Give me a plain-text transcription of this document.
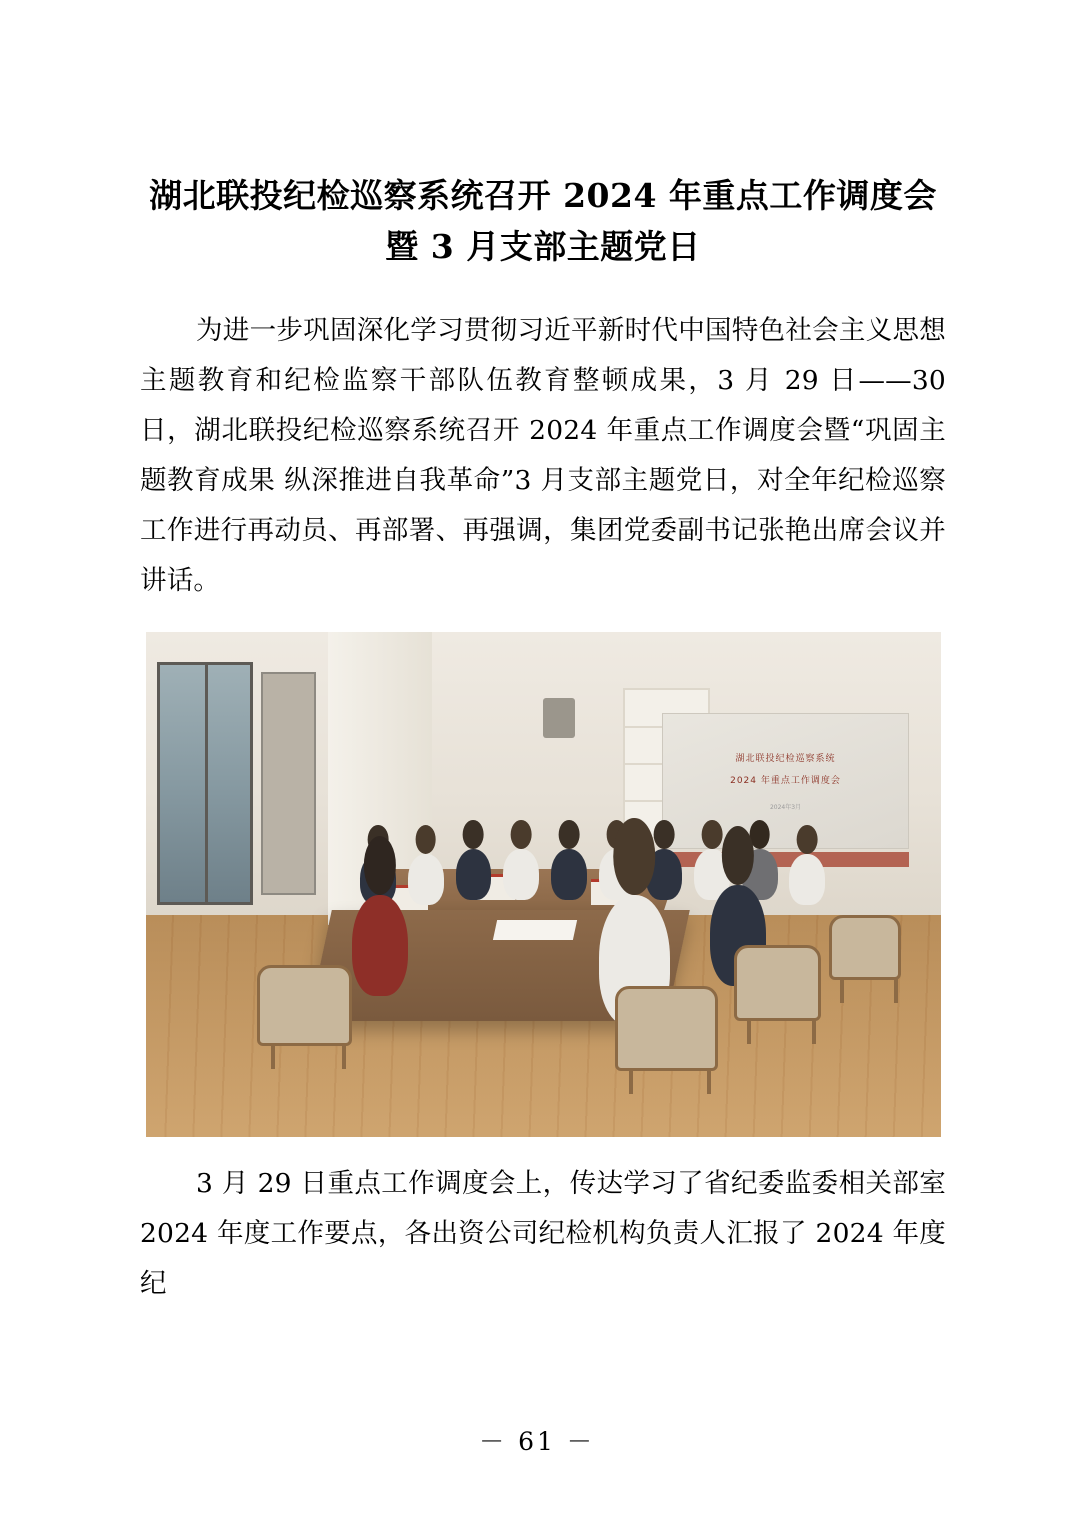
湖北联投纪检巡察系统召开 2024 年重点工作调度会
暨 3 月支部主题党日

为进一步巩固深化学习贯彻习近平新时代中国特色社会主义思想主题教育和纪检监察干部队伍教育整顿成果，3 月 29 日——30 日，湖北联投纪检巡察系统召开 2024 年重点工作调度会暨“巩固主题教育成果 纵深推进自我革命”3 月支部主题党日，对全年纪检巡察工作进行再动员、再部署、再强调，集团党委副书记张艳出席会议并讲话。

湖北联投纪检巡察系统
2024 年重点工作调度会
2024年3月

3 月 29 日重点工作调度会上，传达学习了省纪委监委相关部室 2024 年度工作要点，各出资公司纪检机构负责人汇报了 2024 年度纪

－ 61 －
